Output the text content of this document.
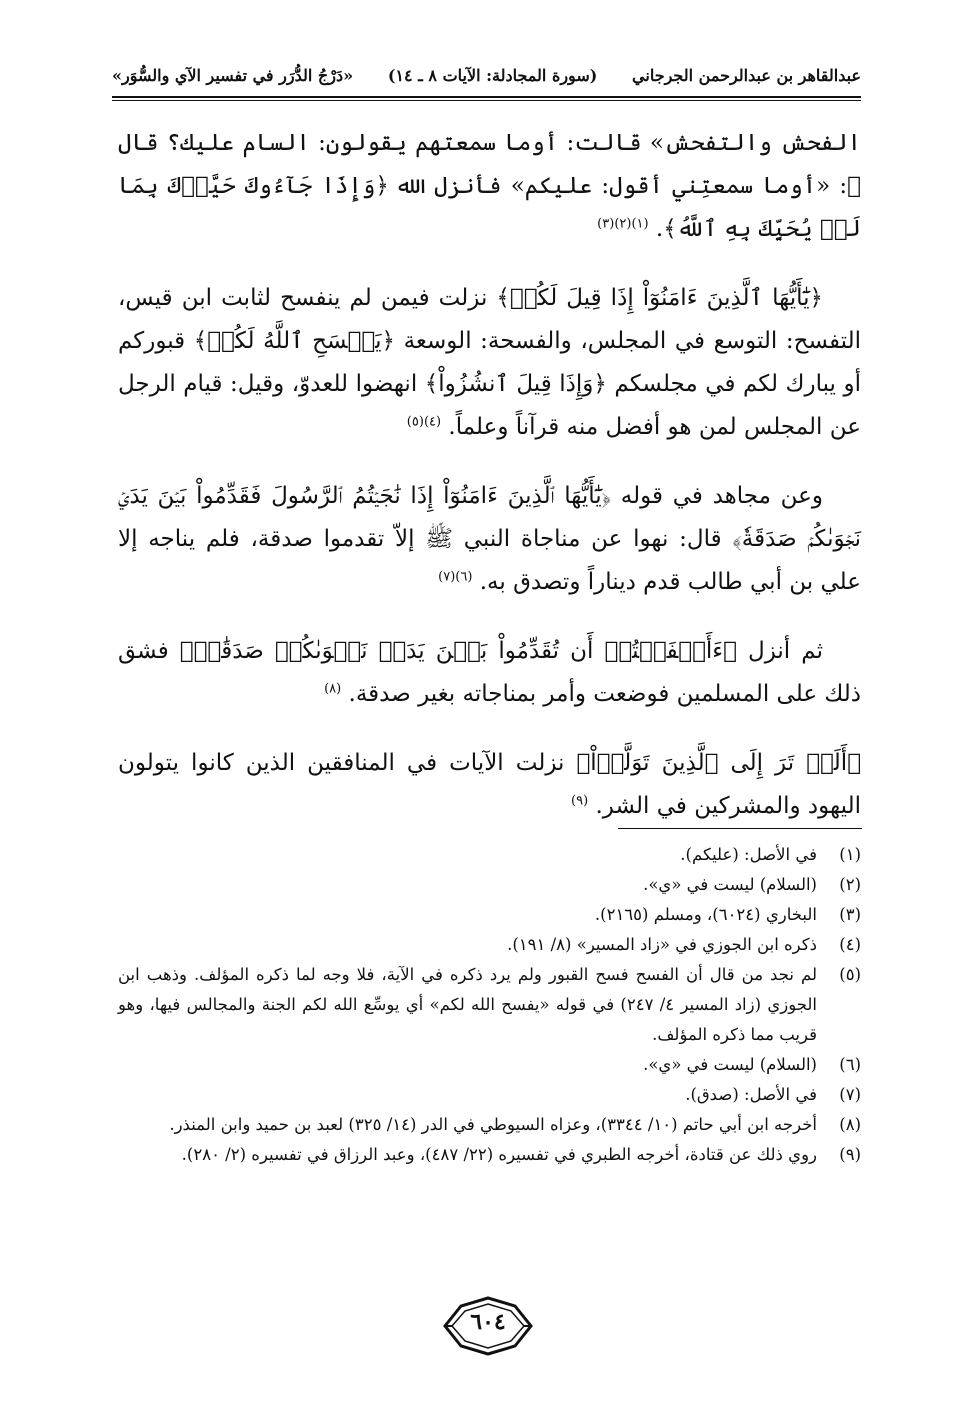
عبدالقاهر بن عبدالرحمن الجرجاني
(سورة المجادلة: الآيات ٨ ـ ١٤)
«دَرْجُ الدُّرَر في تفسير الآي والسُّوَر»

الفحش والتفحش» قالت: أوما سمعتهم يقولون: السام عليك؟ قال ﷺ: «أوما سمعتِني أقول: عليكم» فأنزل الله ﴿وَإِذَا جَآءُوكَ حَيَّوۡكَ بِمَا لَمۡ يُحَيِّكَ بِهِ ٱللَّهُ﴾. $^{(١)(٢)(٣)}$

﴿يَٰٓأَيُّهَا ٱلَّذِينَ ءَامَنُوٓاْ إِذَا قِيلَ لَكُمۡ﴾ نزلت فيمن لم ينفسح لثابت ابن قيس، التفسح: التوسع في المجلس، والفسحة: الوسعة ﴿يَفۡسَحِ ٱللَّهُ لَكُمۡ﴾ قبوركم أو يبارك لكم في مجلسكم ﴿وَإِذَا قِيلَ ٱنشُزُواْ﴾ انهضوا للعدوّ، وقيل: قيام الرجل عن المجلس لمن هو أفضل منه قرآناً وعلماً. $^{(٤)(٥)}$

وعن مجاهد في قوله ﴿يَٰٓأَيُّهَا ٱلَّذِينَ ءَامَنُوٓاْ إِذَا نَٰجَيۡتُمُ ٱلرَّسُولَ فَقَدِّمُواْ بَيۡنَ يَدَيۡ نَجۡوَىٰكُمۡ صَدَقَةٗ﴾ قال: نهوا عن مناجاة النبي ﷺ إلاّ تقدموا صدقة، فلم يناجه إلا علي بن أبي طالب قدم ديناراً وتصدق به. $^{(٦)(٧)}$

ثم أنزل ﴿ءَأَشۡفَقۡتُمۡ أَن تُقَدِّمُواْ بَيۡنَ يَدَيۡ نَجۡوَىٰكُمۡ صَدَقَٰتٖ﴾ فشق ذلك على المسلمين فوضعت وأمر بمناجاته بغير صدقة. $^{(٨)}$

﴿أَلَمۡ تَرَ إِلَى ٱلَّذِينَ تَوَلَّوۡاْ﴾ نزلت الآيات في المنافقين الذين كانوا يتولون اليهود والمشركين في الشر. $^{(٩)}$

(١)
في الأصل: (عليكم).
(٢)
(السلام) ليست في «ي».
(٣)
البخاري (٦٠٢٤)، ومسلم (٢١٦٥).
(٤)
ذكره ابن الجوزي في «زاد المسير» (٨/ ١٩١).
(٥)
لم نجد من قال أن الفسح فسح القبور ولم يرد ذكره في الآية، فلا وجه لما ذكره المؤلف. وذهب ابن الجوزي (زاد المسير ٤/ ٢٤٧) في قوله «يفسح الله لكم» أي يوسِّع الله لكم الجنة والمجالس فيها، وهو قريب مما ذكره المؤلف.
(٦)
(السلام) ليست في «ي».
(٧)
في الأصل: (صدق).
(٨)
أخرجه ابن أبي حاتم (١٠/ ٣٣٤٤)، وعزاه السيوطي في الدر (١٤/ ٣٢٥) لعبد بن حميد وابن المنذر.
(٩)
روي ذلك عن قتادة، أخرجه الطبري في تفسيره (٢٢/ ٤٨٧)، وعبد الرزاق في تفسيره (٢/ ٢٨٠).
٦٠٤
